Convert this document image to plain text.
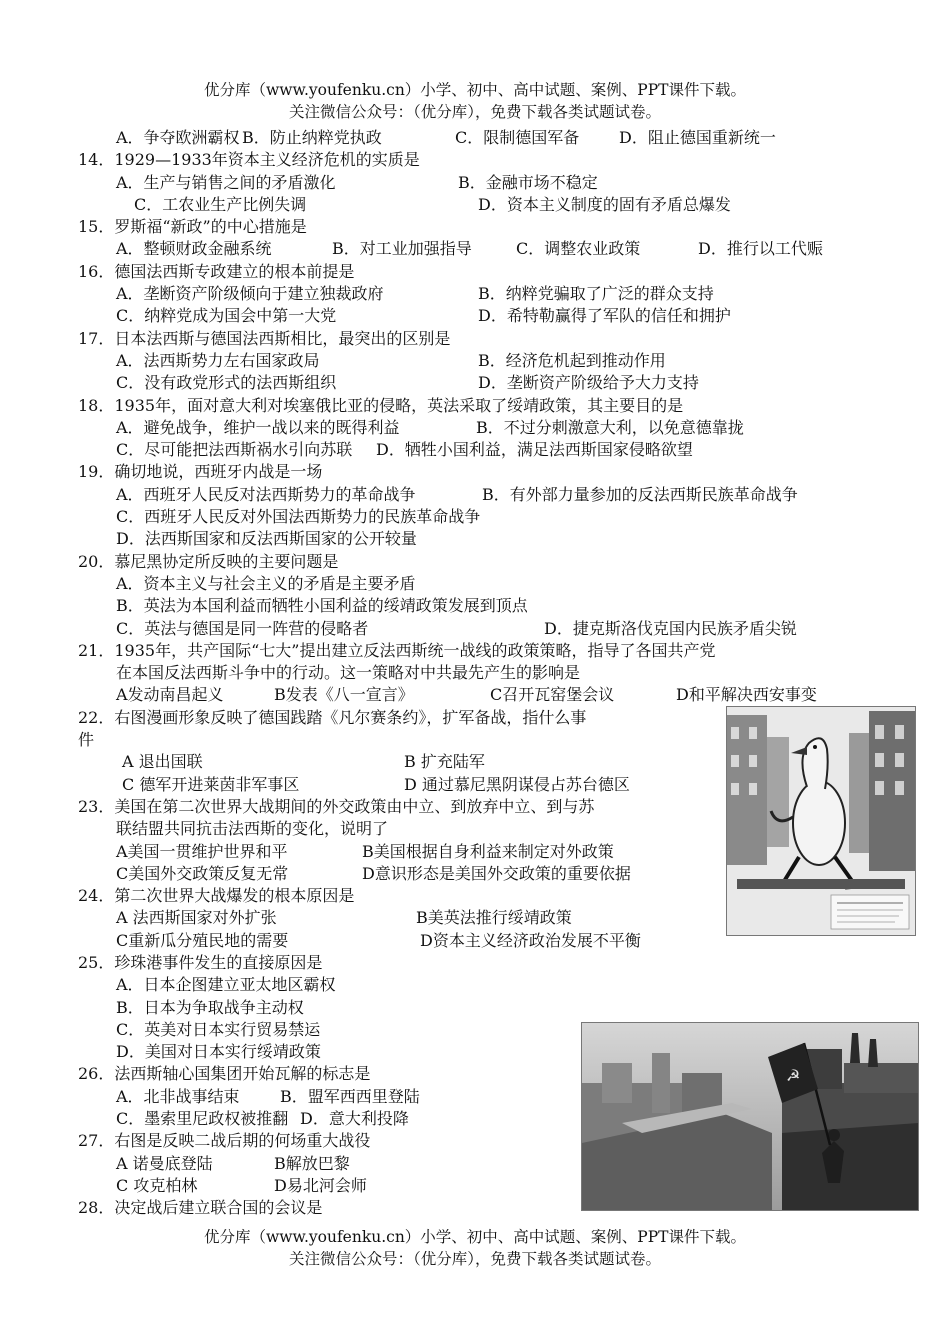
优分库（www.youfenku.cn）小学、初中、高中试题、案例、PPT课件下载。
关注微信公众号：（优分库），免费下载各类试题试卷。
A．争夺欧洲霸权 B．防止纳粹党执政	C．限制德国军备 D．阻止德国重新统一
14．1929—1933年资本主义经济危机的实质是
A．生产与销售之间的矛盾激化	B．金融市场不稳定
C．工农业生产比例失调	D．资本主义制度的固有矛盾总爆发
15．罗斯福“新政”的中心措施是
A．整顿财政金融系统	B．对工业加强指导	C．调整农业政策	D．推行以工代赈
16．德国法西斯专政建立的根本前提是
A．垄断资产阶级倾向于建立独裁政府	B．纳粹党骗取了广泛的群众支持
C．纳粹党成为国会中第一大党	D．希特勒赢得了军队的信任和拥护
17．日本法西斯与德国法西斯相比，最突出的区别是
A．法西斯势力左右国家政局	B．经济危机起到推动作用
C．没有政党形式的法西斯组织	D．垄断资产阶级给予大力支持
18．1935年，面对意大利对埃塞俄比亚的侵略，英法采取了绥靖政策，其主要目的是
A．避免战争，维护一战以来的既得利益	B．不过分刺激意大利，以免意德靠拢
C．尽可能把法西斯祸水引向苏联 D．牺牲小国利益，满足法西斯国家侵略欲望
19．确切地说，西班牙内战是一场
A．西班牙人民反对法西斯势力的革命战争	B．有外部力量参加的反法西斯民族革命战争
C．西班牙人民反对外国法西斯势力的民族革命战争
D．法西斯国家和反法西斯国家的公开较量
20．慕尼黑协定所反映的主要问题是
A．资本主义与社会主义的矛盾是主要矛盾
B．英法为本国利益而牺牲小国利益的绥靖政策发展到顶点
C．英法与德国是同一阵营的侵略者	D．捷克斯洛伐克国内民族矛盾尖锐
21．1935年，共产国际“七大”提出建立反法西斯统一战线的政策策略，指导了各国共产党
在本国反法西斯斗争中的行动。这一策略对中共最先产生的影响是
A发动南昌起义	B发表《八一宣言》	C召开瓦窑堡会议	D和平解决西安事变
22．右图漫画形象反映了德国践踏《凡尔赛条约》，扩军备战，指什么事
件
A 退出国联	B 扩充陆军
C 德军开进莱茵非军事区	D 通过慕尼黑阴谋侵占苏台德区
23．美国在第二次世界大战期间的外交政策由中立、到放弃中立、到与苏
联结盟共同抗击法西斯的变化，说明了
A美国一贯维护世界和平	B美国根据自身利益来制定对外政策
C美国外交政策反复无常	D意识形态是美国外交政策的重要依据
24．第二次世界大战爆发的根本原因是
A 法西斯国家对外扩张	B美英法推行绥靖政策
C重新瓜分殖民地的需要	D资本主义经济政治发展不平衡
25．珍珠港事件发生的直接原因是
A．日本企图建立亚太地区霸权
B．日本为争取战争主动权
C．英美对日本实行贸易禁运
D．美国对日本实行绥靖政策
26．法西斯轴心国集团开始瓦解的标志是
A．北非战事结束	B．盟军西西里登陆
C．墨索里尼政权被推翻 D．意大利投降
27．右图是反映二战后期的何场重大战役
A 诺曼底登陆	B解放巴黎
C 攻克柏林	D易北河会师
28．决定战后建立联合国的会议是
☭
优分库（www.youfenku.cn）小学、初中、高中试题、案例、PPT课件下载。
关注微信公众号：（优分库），免费下载各类试题试卷。
